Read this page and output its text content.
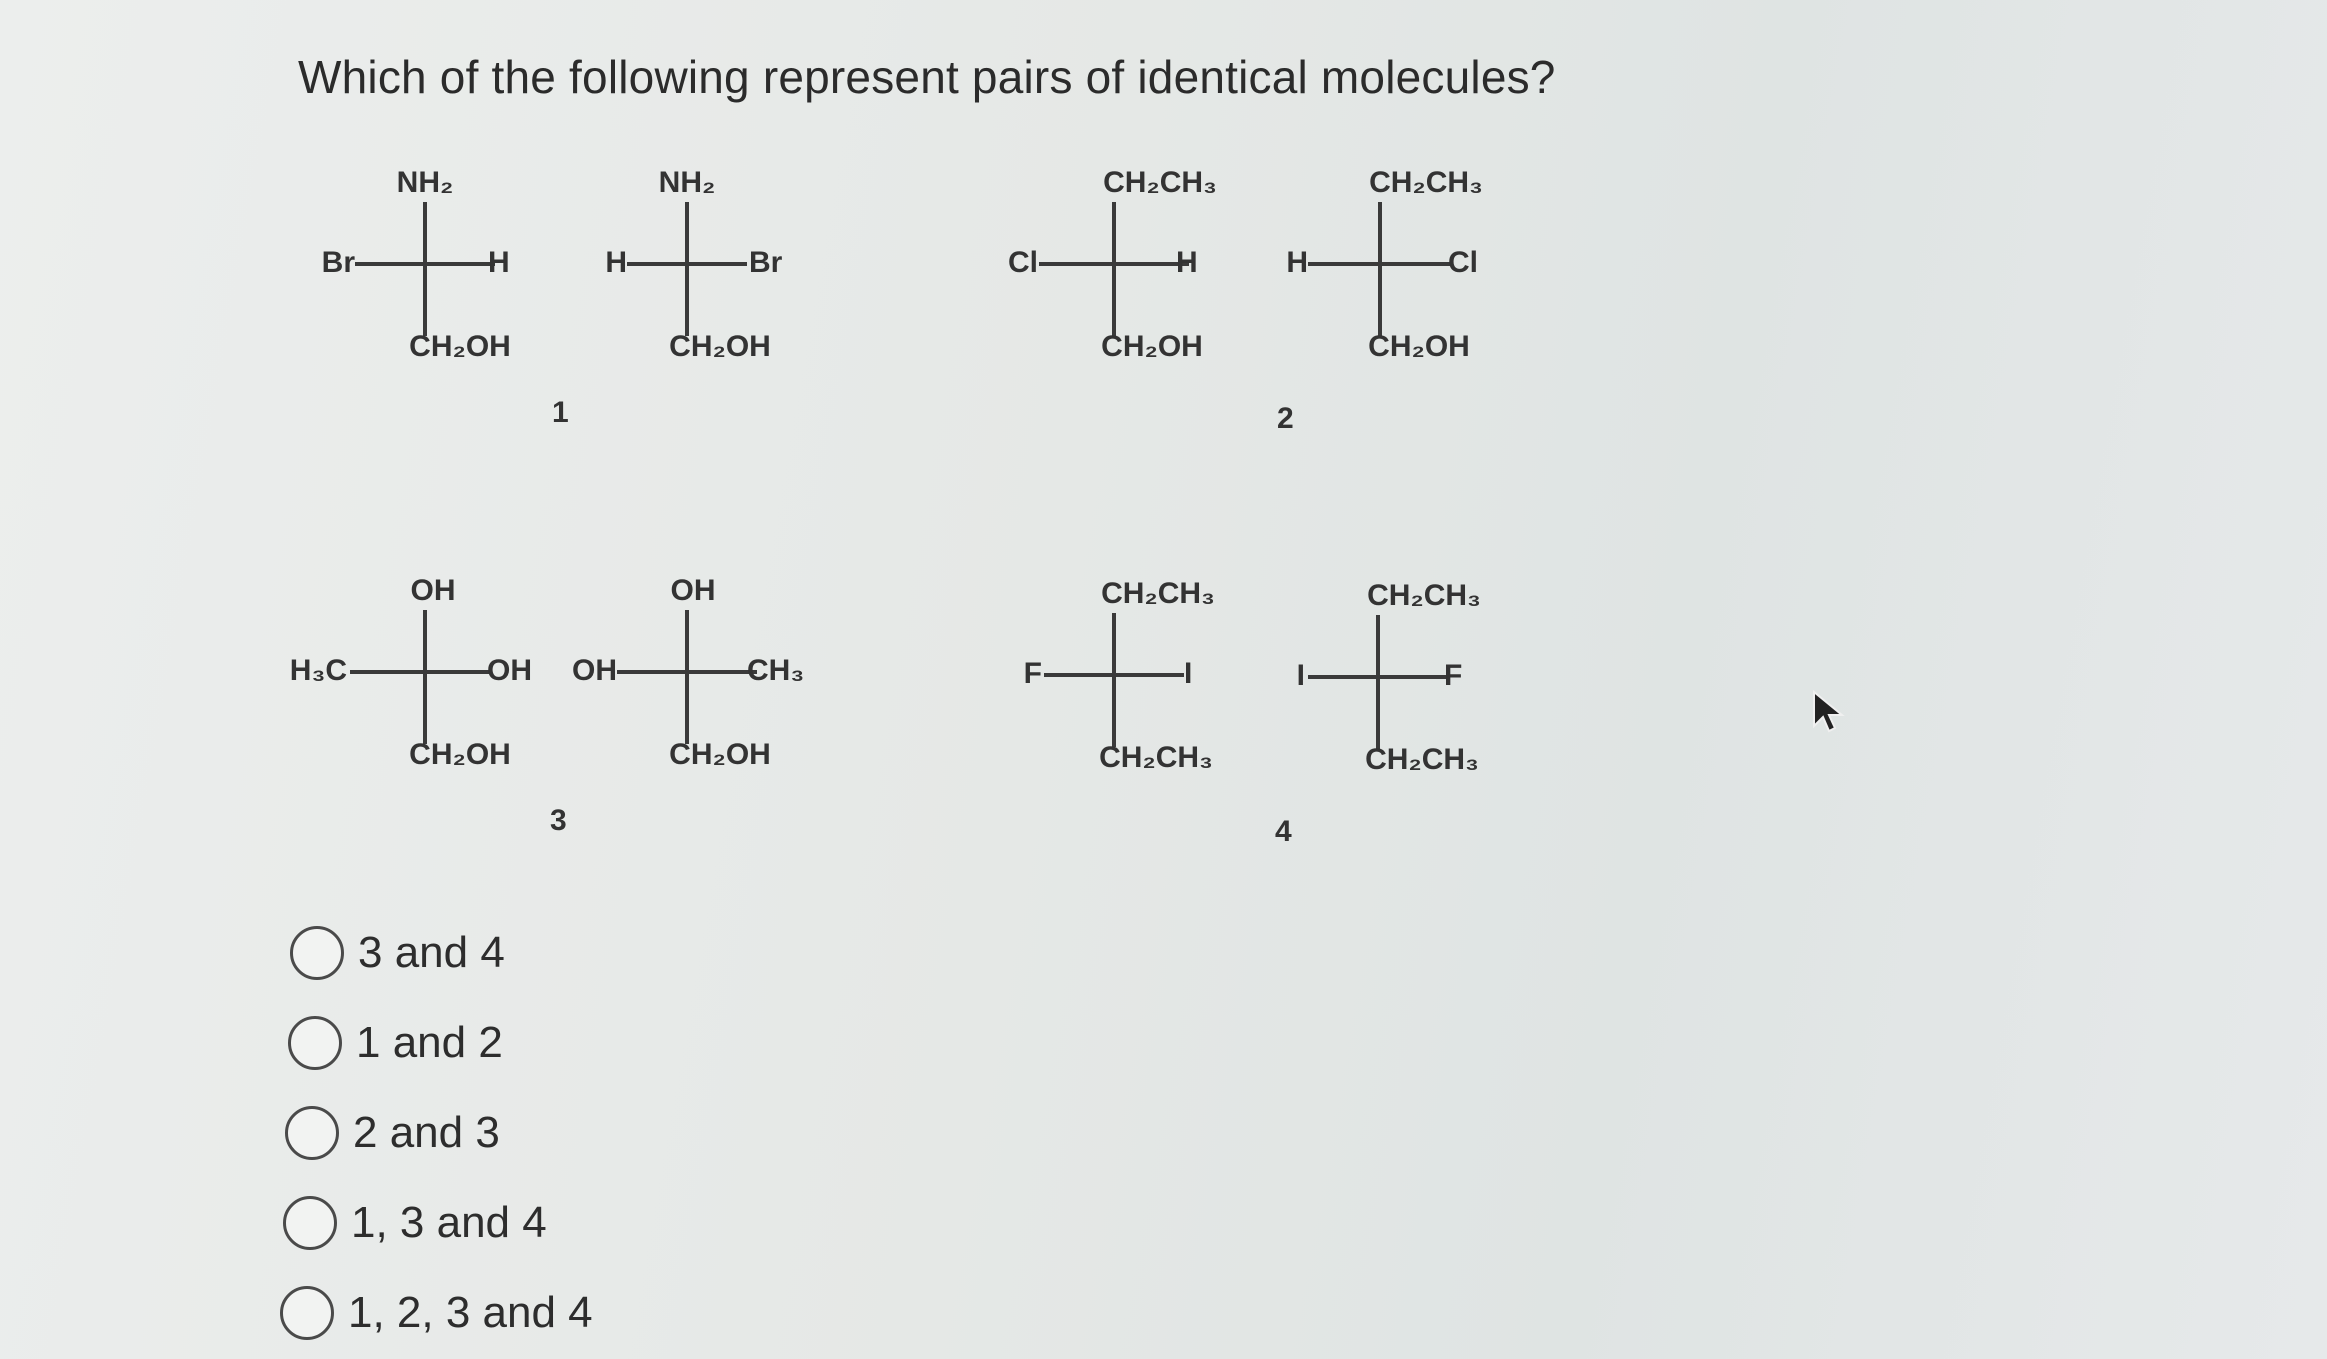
Which of the following represent pairs of identical molecules?
NH₂
Br	H
CH₂OH
NH₂
H	Br
CH₂OH
CH₂CH₃
Cl	H
CH₂OH
CH₂CH₃
H	Cl
CH₂OH
OH
H₃C	OH
CH₂OH
OH
OH	CH₃
CH₂OH
CH₂CH₃
F	I
CH₂CH₃
CH₂CH₃
I	F
CH₂CH₃
1	2
3	4
3 and 4
1 and 2
2 and 3
1, 3 and 4
1, 2, 3 and 4
